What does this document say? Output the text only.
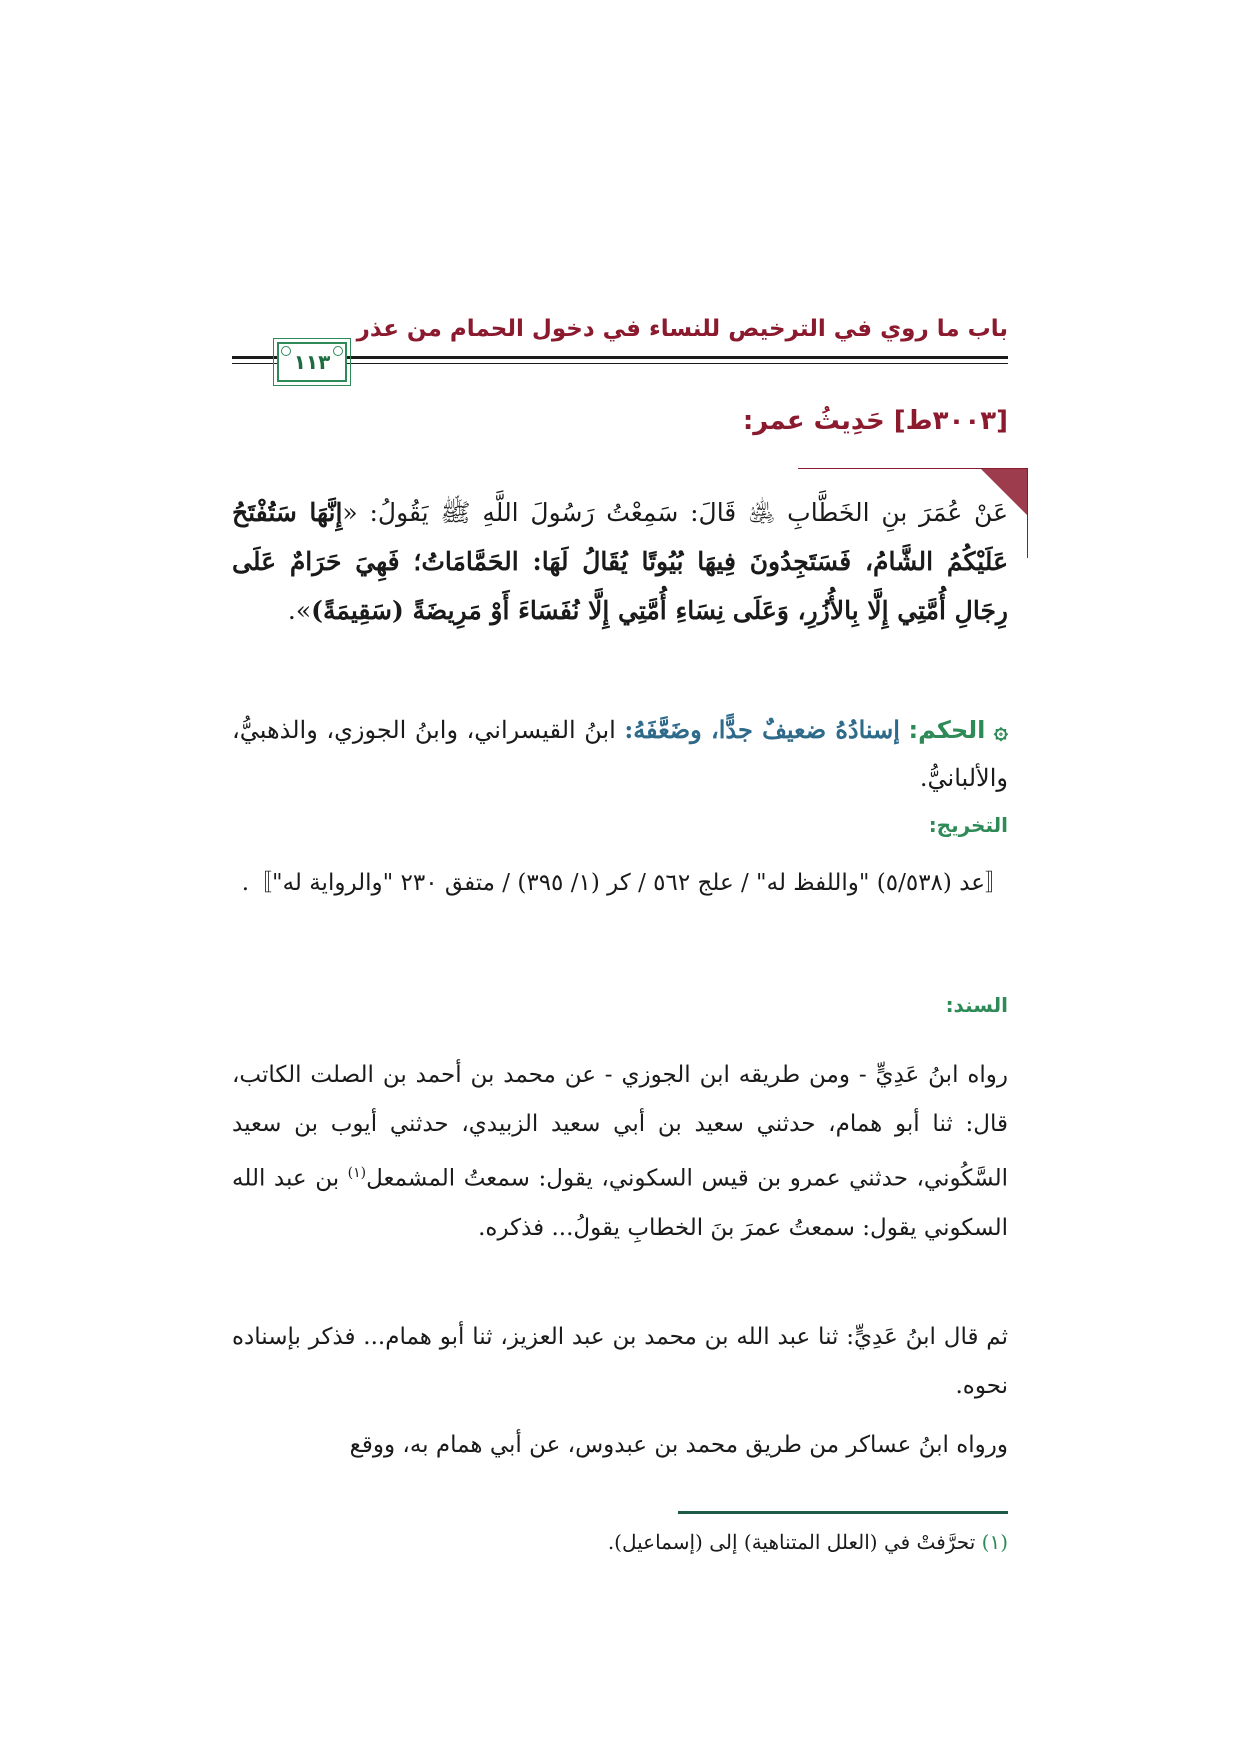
باب ما روي في الترخيص للنساء في دخول الحمام من عذر
١١٣
[٣٠٠٣ط] حَدِيثُ عمر:
عَنْ عُمَرَ بنِ الخَطَّابِ ﵁ قَالَ: سَمِعْتُ رَسُولَ اللَّهِ ﷺ يَقُولُ: «إِنَّهَا سَتُفْتَحُ عَلَيْكُمُ الشَّامُ، فَسَتَجِدُونَ فِيهَا بُيُوتًا يُقَالُ لَهَا: الحَمَّامَاتُ؛ فَهِيَ حَرَامٌ عَلَى رِجَالِ أُمَّتِي إِلَّا بِالأُزُرِ، وَعَلَى نِسَاءِ أُمَّتِي إِلَّا نُفَسَاءَ أَوْ مَرِيضَةً (سَقِيمَةً)».
۞ الحكم: إسنادُهُ ضعيفٌ جدًّا، وضَعَّفَهُ: ابنُ القيسراني، وابنُ الجوزي، والذهبيُّ، والألبانيُّ.
التخريج:
〚عد (٥/٥٣٨) "واللفظ له" / علج ٥٦٢ / كر (١/ ٣٩٥) / متفق ٢٣٠ "والرواية له"〛.
السند:
رواه ابنُ عَدِيٍّ - ومن طريقه ابن الجوزي - عن محمد بن أحمد بن الصلت الكاتب، قال: ثنا أبو همام، حدثني سعيد بن أبي سعيد الزبيدي، حدثني أيوب بن سعيد السَّكُوني، حدثني عمرو بن قيس السكوني، يقول: سمعتُ المشمعل$^{(١)}$ بن عبد الله السكوني يقول: سمعتُ عمرَ بنَ الخطابِ يقولُ... فذكره.
ثم قال ابنُ عَدِيٍّ: ثنا عبد الله بن محمد بن عبد العزيز، ثنا أبو همام... فذكر بإسناده نحوه.
ورواه ابنُ عساكر من طريق محمد بن عبدوس، عن أبي همام به، ووقع
(١) تحرَّفتْ في (العلل المتناهية) إلى (إسماعيل).
